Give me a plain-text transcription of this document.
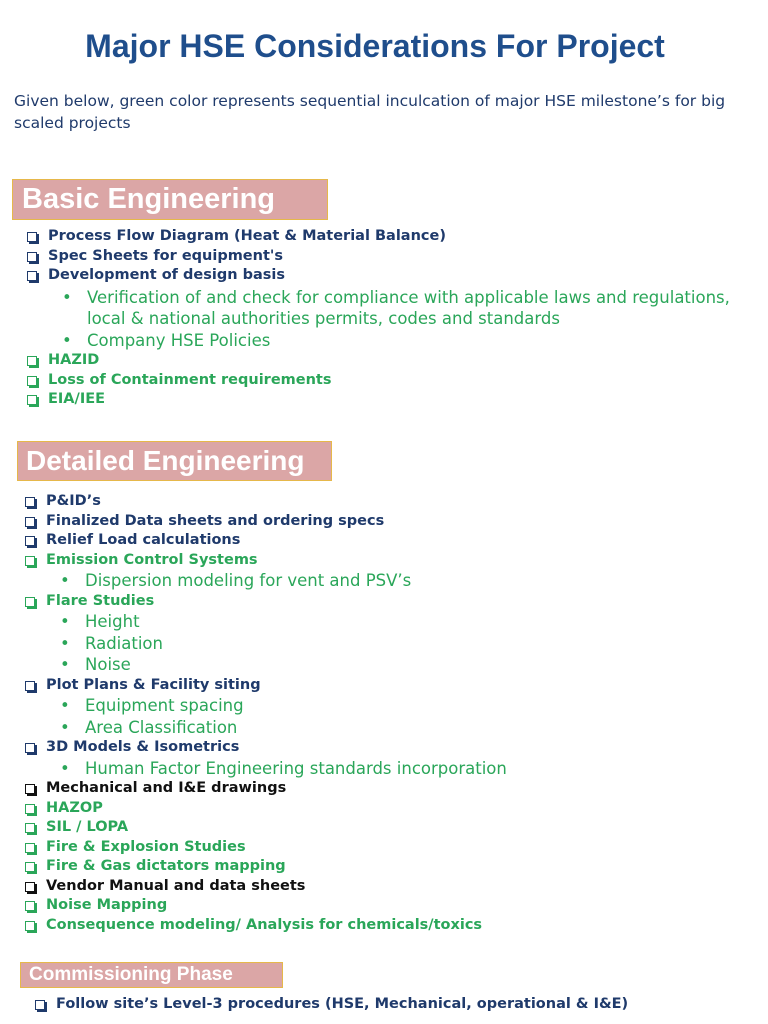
Major HSE Considerations For Project
Given below, green color represents sequential inculcation of major HSE milestone’s for big scaled projects
Basic Engineering
Process Flow Diagram (Heat & Material Balance)
Spec Sheets for equipment's
Development of design basis
• Verification of and check for compliance with applicable laws and regulations, local & national authorities permits, codes and standards
• Company HSE Policies
HAZID
Loss of Containment requirements
EIA/IEE
Detailed Engineering
P&ID’s
Finalized Data sheets and ordering specs
Relief Load calculations
Emission Control Systems
• Dispersion modeling for vent and PSV’s
Flare Studies
• Height
• Radiation
• Noise
Plot Plans & Facility siting
• Equipment spacing
• Area Classification
3D Models & Isometrics
• Human Factor Engineering standards incorporation
Mechanical and I&E drawings
HAZOP
SIL / LOPA
Fire & Explosion Studies
Fire & Gas dictators mapping
Vendor Manual and data sheets
Noise Mapping
Consequence modeling/ Analysis for chemicals/toxics
Commissioning Phase
Follow site’s Level-3 procedures (HSE, Mechanical, operational & I&E)
